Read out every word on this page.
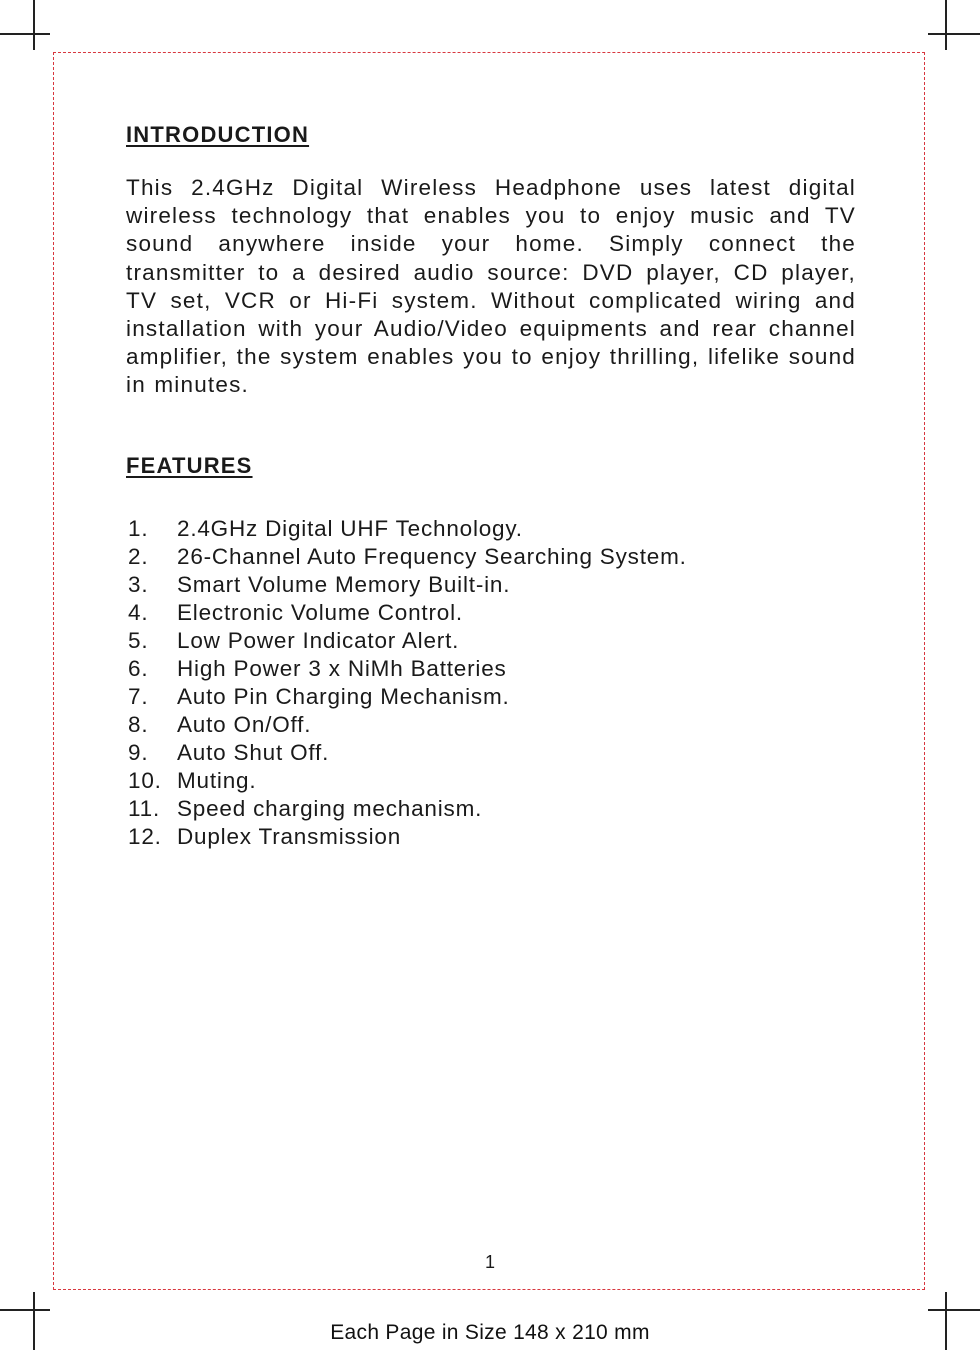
INTRODUCTION

This 2.4GHz Digital Wireless Headphone uses latest digital wireless technology that enables you to enjoy music and TV sound anywhere inside your home. Simply connect the transmitter to a desired audio source: DVD player, CD player, TV set, VCR or Hi-Fi system. Without complicated wiring and installation with your Audio/Video equipments and rear channel amplifier, the system enables you to enjoy thrilling, lifelike sound in minutes.

FEATURES
1.	2.4GHz Digital UHF Technology.
2.	26-Channel Auto Frequency Searching System.
3.	Smart Volume Memory Built-in.
4.	Electronic Volume Control.
5.	Low Power Indicator Alert.
6.	High Power 3 x NiMh Batteries
7.	Auto Pin Charging Mechanism.
8.	Auto On/Off.
9.	Auto Shut Off.
10. Muting.
11. Speed charging mechanism.
12. Duplex Transmission
1
Each Page in Size 148 x 210 mm
